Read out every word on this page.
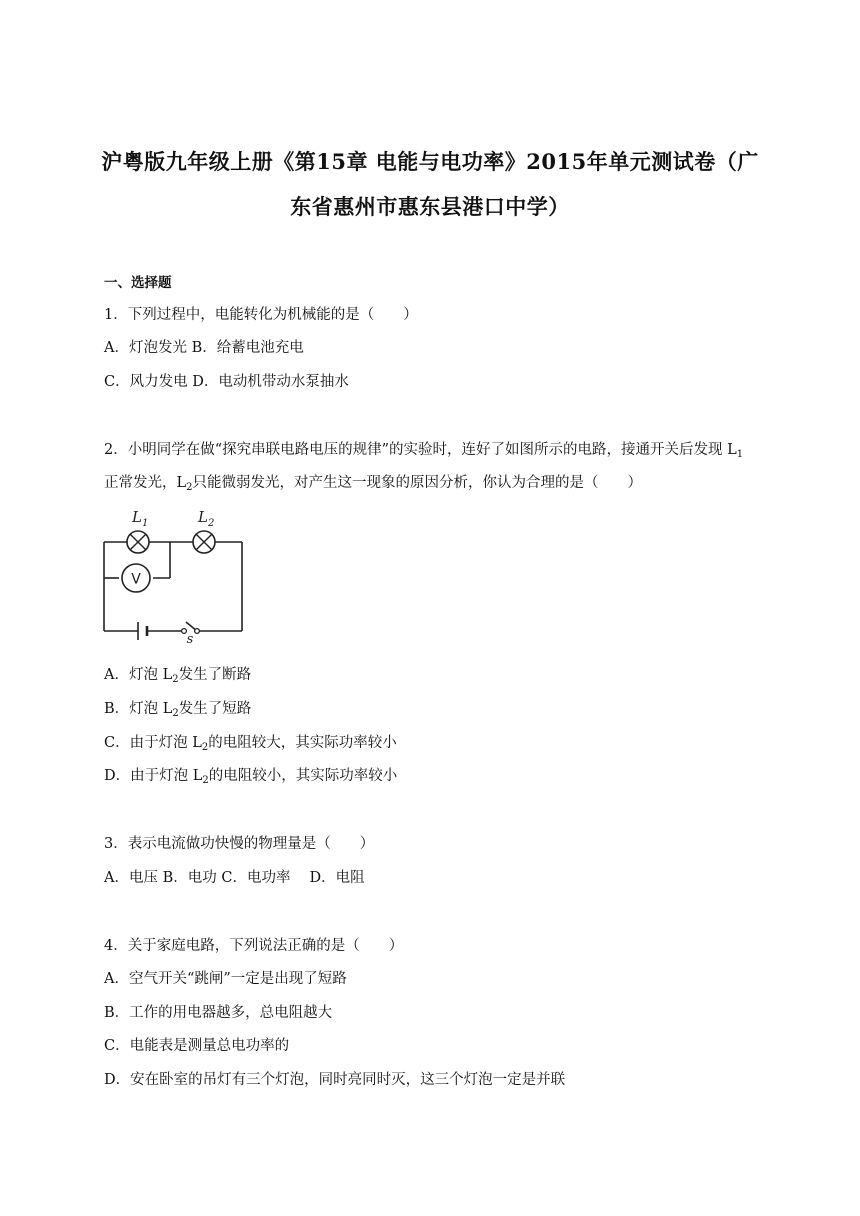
沪粤版九年级上册《第15章 电能与电功率》2015年单元测试卷（广
东省惠州市惠东县港口中学）
一、选择题
1．下列过程中，电能转化为机械能的是（　　）
A．灯泡发光 B．给蓄电池充电
C．风力发电 D．电动机带动水泵抽水
2．小明同学在做“探究串联电路电压的规律”的实验时，连好了如图所示的电路，接通开关后发现 $L_1$
正常发光，$L_2$只能微弱发光，对产生这一现象的原因分析，你认为合理的是（　　）
V
s
L 1	L 2
A．灯泡 $L_2$发生了断路
B．灯泡 $L_2$发生了短路
C．由于灯泡 $L_2$的电阻较大，其实际功率较小
D．由于灯泡 $L_2$的电阻较小，其实际功率较小
3．表示电流做功快慢的物理量是（　　）
A．电压 B．电功 C．电功率　 D．电阻
4．关于家庭电路，下列说法正确的是（　　）
A．空气开关“跳闸”一定是出现了短路
B．工作的用电器越多，总电阻越大
C．电能表是测量总电功率的
D．安在卧室的吊灯有三个灯泡，同时亮同时灭，这三个灯泡一定是并联
